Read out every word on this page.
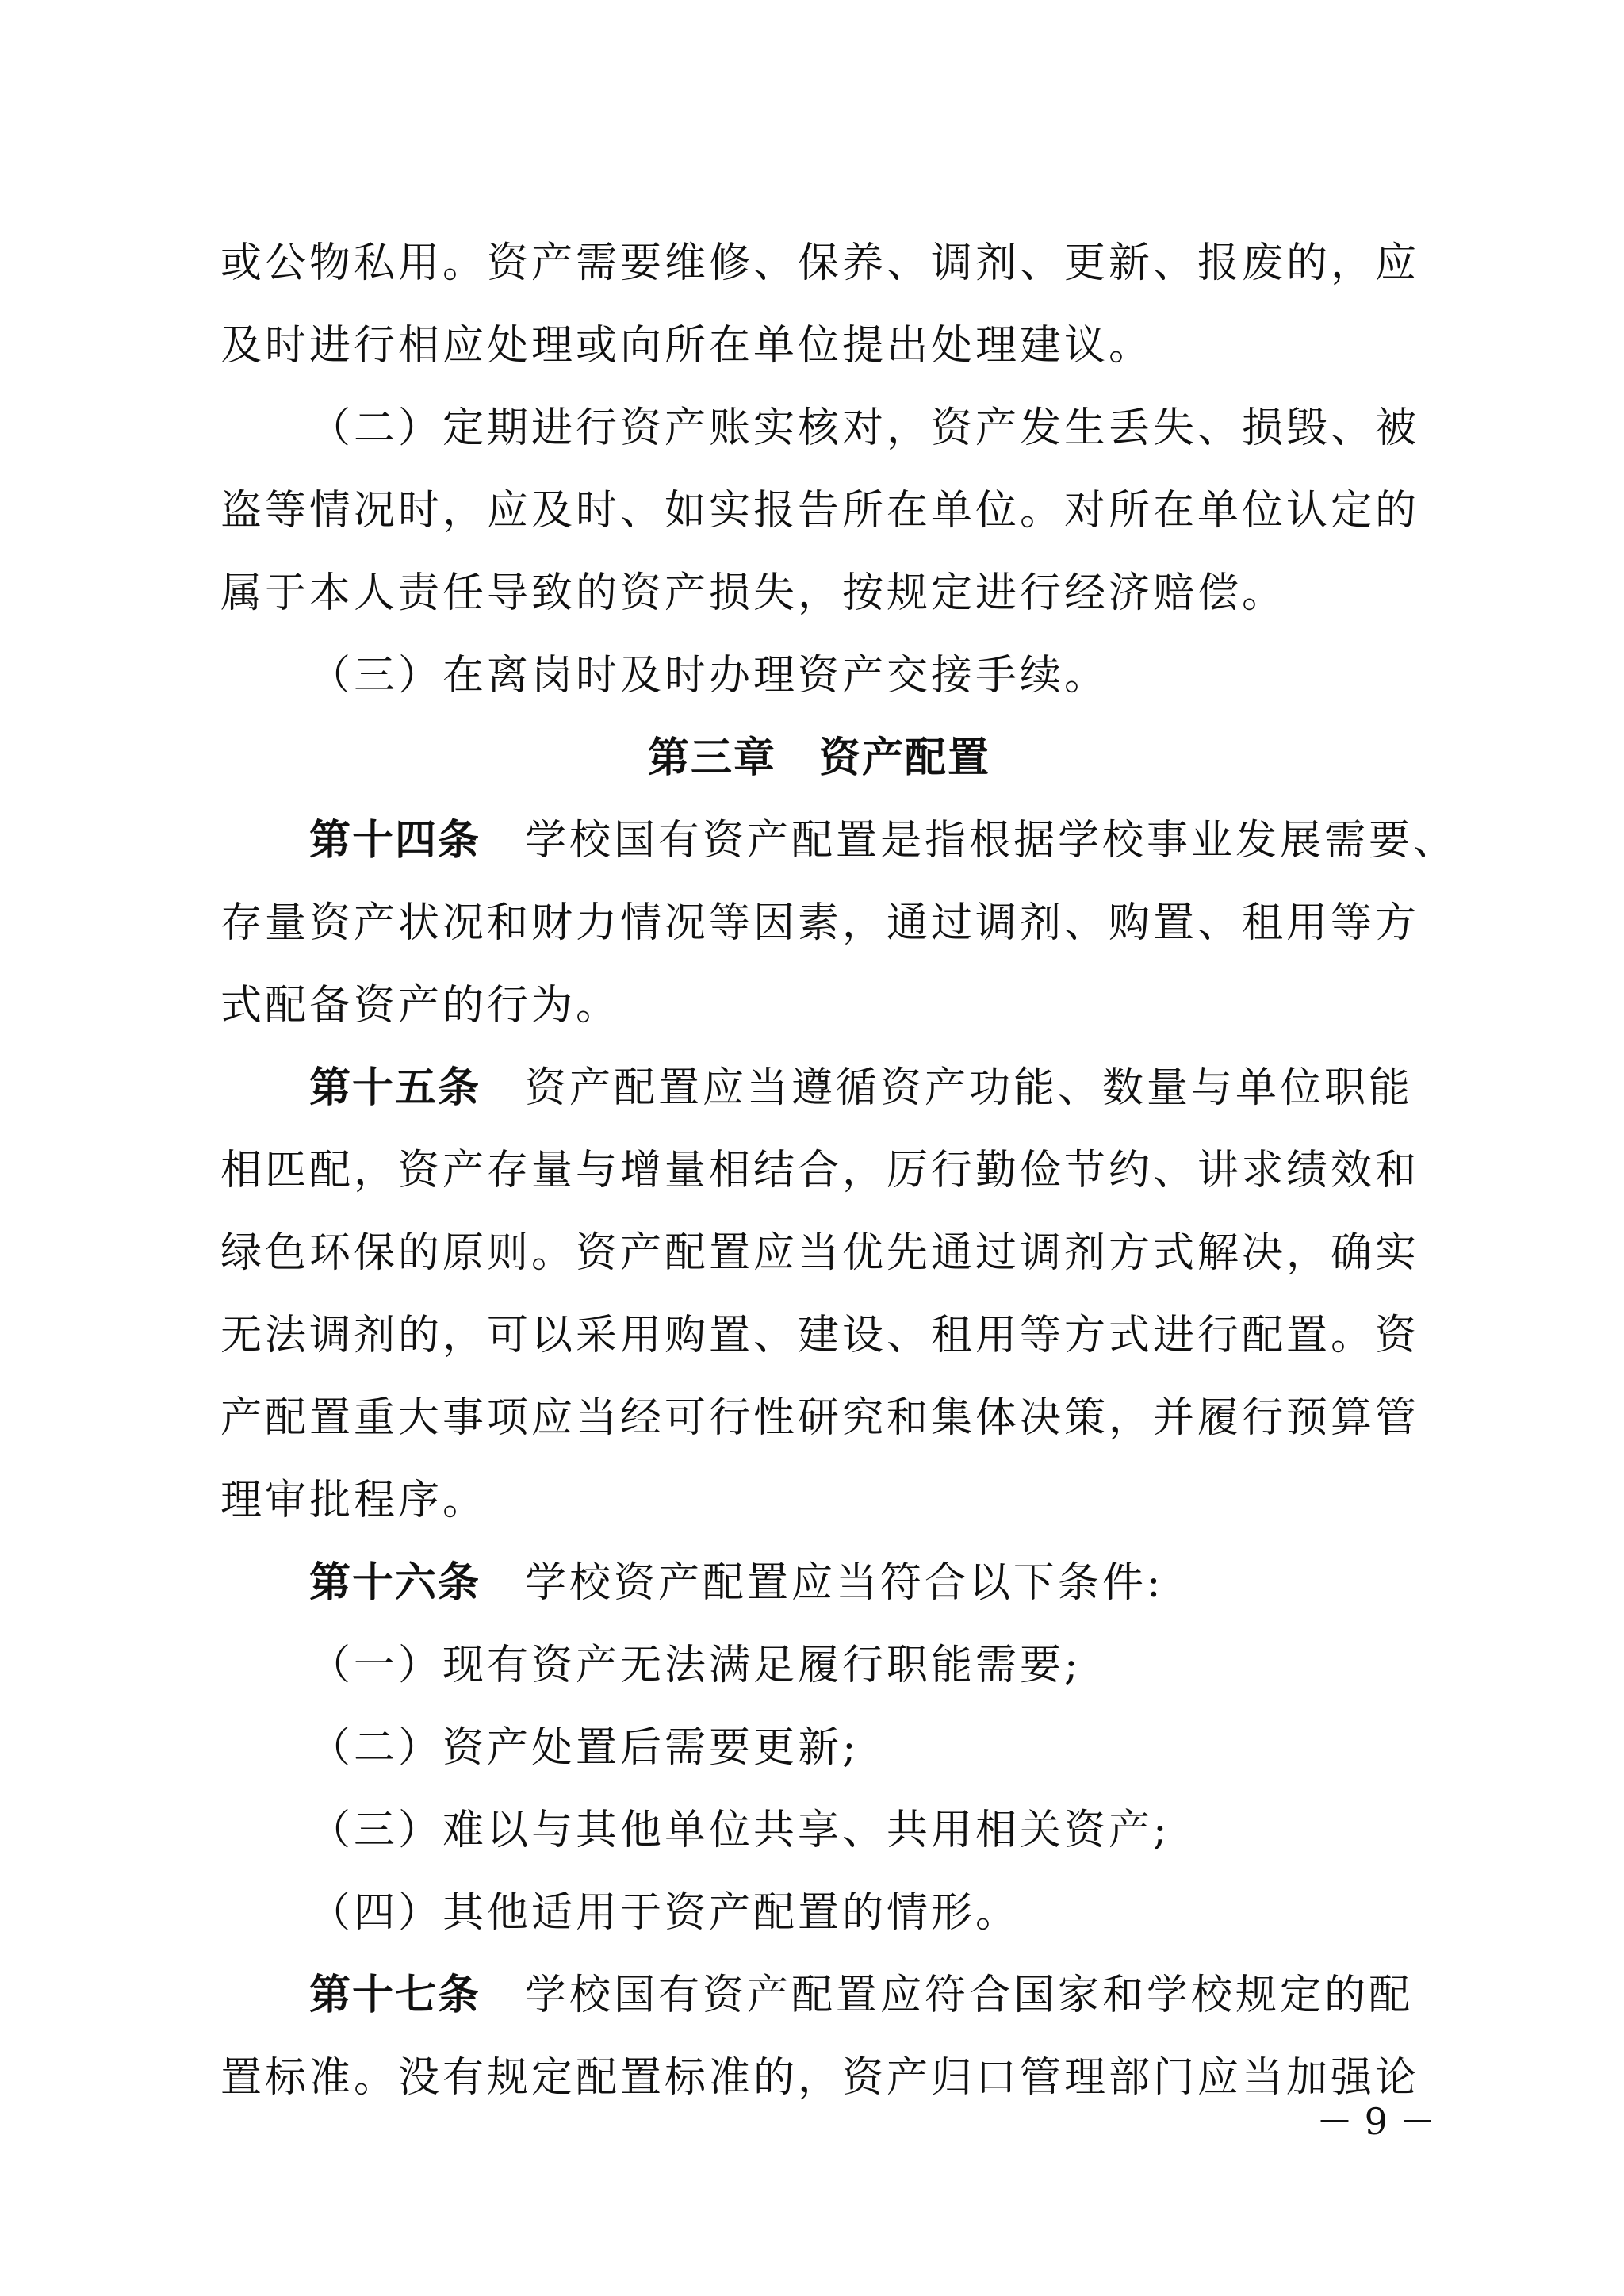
或公物私用。资产需要维修、保养、调剂、更新、报废的，应
及时进行相应处理或向所在单位提出处理建议。
（二）定期进行资产账实核对，资产发生丢失、损毁、被
盗等情况时，应及时、如实报告所在单位。对所在单位认定的
属于本人责任导致的资产损失，按规定进行经济赔偿。
（三）在离岗时及时办理资产交接手续。
第三章　资产配置
第十四条 学校国有资产配置是指根据学校事业发展需要、
存量资产状况和财力情况等因素，通过调剂、购置、租用等方
式配备资产的行为。
第十五条 资产配置应当遵循资产功能、数量与单位职能
相匹配，资产存量与增量相结合，厉行勤俭节约、讲求绩效和
绿色环保的原则。资产配置应当优先通过调剂方式解决，确实
无法调剂的，可以采用购置、建设、租用等方式进行配置。资
产配置重大事项应当经可行性研究和集体决策，并履行预算管
理审批程序。
第十六条 学校资产配置应当符合以下条件:
（一）现有资产无法满足履行职能需要;
（二）资产处置后需要更新;
（三）难以与其他单位共享、共用相关资产;
（四）其他适用于资产配置的情形。
第十七条 学校国有资产配置应符合国家和学校规定的配
置标准。没有规定配置标准的，资产归口管理部门应当加强论
－ 9 －
